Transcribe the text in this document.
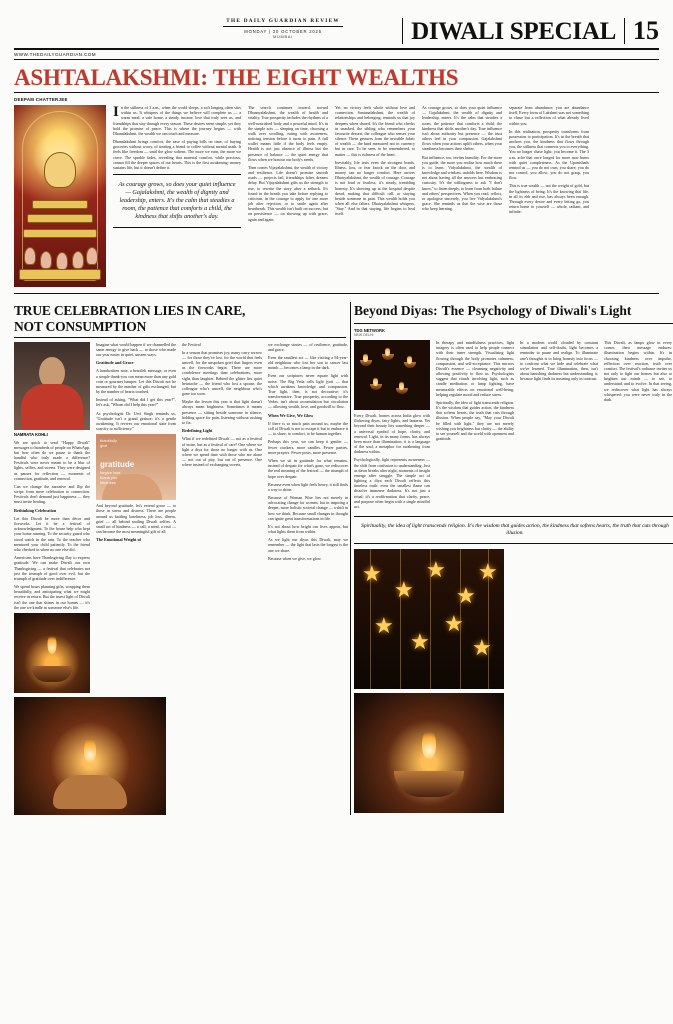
THE DAILY GUARDIAN REVIEW
MONDAY | 20 OCTOBER 2025
MUMBAI	DIWALI SPECIAL 15
WWW.THEDAILYGUARDIAN.COM
ASHTALAKSHMI: THE EIGHT WEALTHS
DEEPAM CHATTERJEE

In the stillness of 3 a.m., when the world sleeps, a soft longing often stirs within us. It whispers of the things we believe will complete us — a warm meal, a safe home, a steady income, love that truly sees us, and friendships that stay through every season. These desires seem simple, yet they hold the promise of peace. This is where the journey begins — with Dhanalakshmi, the wealth we can touch and measure.

Dhanalakshmi brings comfort, the ease of paying bills on time, of buying groceries without worry, of treating a friend to coffee without mental math. It feels like freedom — until the glow softens. The more we earn, the more we crave. The sparkle fades, revealing that material comfort, while precious, cannot fill the deeper spaces of our hearts. This is the first awakening: money sustains life, but it doesn't define it.

As courage grows, so does your quiet influence — Gajalakshmi, the wealth of dignity and leadership, enters. It's the calm that steadies a room, the patience that comforts a child, the kindness that shifts another's day.

The search continues inward, toward Dhaanyalakshmi, the wealth of health and vitality. True prosperity includes the rhythms of a well-nourished body and a peaceful mind. It's in the simple acts — sleeping on time, choosing a walk over scrolling, eating with awareness, noticing tension before it turns to pain. A full wallet means little if the body feels empty. Health is not just absence of illness but the presence of balance — the quiet energy that flows when we honour our body's needs.

Then comes Vijayalakshmi, the wealth of victory and resilience. Life doesn't promise smooth roads — projects fail, friendships falter, dreams delay. But Vijayalakshmi gifts us the strength to rise, to rewrite the story after a setback. It's found in the breath you take before replying to criticism, in the courage to apply for one more job after rejection, or to smile again after heartbreak. This wealth isn't built on success, but on persistence — on showing up with grace, again and again.

Yet, no victory feels whole without love and connection. Santanalakshmi, the wealth of relationships and belonging, reminds us that joy deepens when shared. It's the friend who checks in unasked, the sibling who remembers your favourite dessert, the colleague who senses your silence. These gestures form the invisible fabric of wealth — the kind measured not in currency but in care. To be seen, to be remembered, to matter — this is richness of the heart.

Inevitably, life tests even the strongest bonds. Illness, loss, or fear knock on the door, and money can no longer comfort. Here arrives Dhairyalakshmi, the wealth of courage. Courage is not loud or fearless; it's steady, trembling honesty. It's showing up at the hospital despite dread, making that difficult call, or staying beside someone in pain. This wealth holds you when all else falters. Dhairyalakshmi whispers, "Stay." And in that staying, life begins to heal itself.

As courage grows, so does your quiet influence — Gajalakshmi, the wealth of dignity and leadership, enters. It's the calm that steadies a room, the patience that comforts a child, the kindness that shifts another's day. True influence isn't about authority but presence — the trust others feel in your compassion. Gajalakshmi flows when your actions uplift others, when your steadiness becomes their shelter.

But influence, too, invites humility. For the more you guide, the more you realise how much there is to learn. Vidyalakshmi, the wealth of knowledge and wisdom, unfolds here. Wisdom is not about having all the answers but embracing curiosity. It's the willingness to ask "I don't know," to listen deeply, to learn from both failure and others' perspectives. When you read, reflect, or apologise sincerely, you live Vidyalakshmi's grace. She reminds us that the wise are those who keep learning.

separate from abundance; you are abundance itself. Every form of Lakshmi was not something to chase but a reflection of what already lived within you.

In this realisation, prosperity transforms from possession to participation. It's in the breath that anchors you, the kindness that flows through you, the stillness that connects you to everything. You no longer chase light; you become it. The 3 a.m. ache that once longed for more now hums with quiet completeness. As the Upanishads remind us — you do not own, you share; you do not control, you allow; you do not grasp, you flow.

This is true wealth — not the weight of gold, but the lightness of being. It's the knowing that life, in all its ebb and rise, has always been enough. Through every desire and every letting go, you return home to yourself — whole, radiant, and infinite.

TRUE CELEBRATION LIES IN CARE,
NOT CONSUMPTION
NAMRATA KOHLI

We are quick to send "Happy Diwali" messages to hundreds of people on WhatsApp, but how often do we pause to thank the handful who truly made a difference? Festivals were never meant to be a blur of lights, selfies, and sweets. They were designed as pauses for reflection — moments of connection, gratitude, and renewal.

Can we change the narrative and flip the script: from mere celebration to connection. Festivals don't demand just happiness — they must invite healing.

Rethinking Celebration

Let this Diwali be more than décor and fireworks. Let it be a festival of acknowledgment. To the house help who kept your home running. To the security guard who stood watch in the rain. To the teacher who mentored your child patiently. To the friend who checked in when no one else did.

Americans have Thanksgiving Day to express gratitude. We can make Diwali our own Thanksgiving — a festival that celebrates not just the triumph of good over evil, but the triumph of gratitude over indifference.

We spend hours planning gifts, wrapping them beautifully, and anticipating what we might receive in return. But the truest light of Diwali isn't the one that shines in our homes — it's the one we kindle in someone else's life.

Imagine what would happen if we channelled the same energy to give back — to those who made our year easier in quiet, unseen ways.

Gratitude and Grace

A handwritten note, a heartfelt message, or even a simple thank-you can mean more than any gold coin or gourmet hamper. Let this Diwali not be measured by the number of gifts exchanged, but by the number of hearts touched.

Instead of asking, "What did I get this year?", let's ask, "Whom did I help this year?"

As psychologist Dr. Urvi Singh reminds us, "Gratitude isn't a grand gesture; it's a gentle awakening. It revives our emotional state from scarcity to sufficiency."

thankfully
give

gratitude
forgive love
thank you
kindness

And beyond gratitude, let's extend grace — to those in stress and distress. There are people around us battling loneliness, job loss, illness, grief — all behind smiling Diwali selfies. A small act of kindness — a call, a meal, a visit — can become the most meaningful gift of all.

The Emotional Weight of

the Festival

In a season that promises joy, many carry sorrow — for those they've lost, for the world that feels unwell, for the unspoken grief that lingers even as the fireworks begin. There are more condolence meetings than celebrations, more sighs than laughter. Behind the glitter lies quiet heartache — the friend who lost a spouse, the colleague who's unwell, the neighbour who's gone too soon.

Maybe the lesson this year is that light doesn't always mean brightness. Sometimes it means presence — sitting beside someone in silence, holding space for pain, listening without rushing to fix.

Redefining Light

What if we redefined Diwali — not as a festival of noise, but as a festival of care? One where we light a diya for those no longer with us. One where we spend time with those who are alone — not out of pity, but out of presence. One where instead of exchanging sweets,

we exchange stories — of resilience, gratitude, and grace.

Even the smallest act — like visiting a 94-year-old neighbour who lost her son to cancer last month — becomes a lamp in the dark.

Even our scriptures never equate light with noise. The Rig Veda calls light jyoti — that which awakens knowledge and compassion. True light, then, is not decorative; it's transformative. True prosperity, according to the Vedas, isn't about accumulation but circulation — allowing wealth, love, and goodwill to flow.

When We Give, We Glow

If there is so much pain around us, maybe the call of Diwali is not to escape it but to embrace it — to share, to comfort, to be human together.

Perhaps this year, we can keep it gentler — fewer crackers, more candles. Fewer parties, more prayers. Fewer posts, more presence.

When we sit in gratitude for what remains, instead of despair for what's gone, we rediscover the real meaning of the festival — the triumph of hope over despair.

Because even when light feels heavy, it still finds a way to shine.

Because of Woman Wise lies not merely in advocating change for women, but in inspiring a deeper, more holistic societal change — a shift in how we think. Because small changes in thought can ignite great transformations in life.

It's not about how bright our lives appear, but what lights them from within.

As we light our diyas this Diwali, may we remember — the light that lasts the longest is the one we share.

Because when we give, we glow.

Beyond Diyas: The Psychology of Diwali's Light
TDG NETWORK
NEW DELHI

Every Diwali, homes across India glow with flickering diyas, fairy lights, and lanterns. Yet beyond their beauty lies something deeper — a universal symbol of hope, clarity, and renewal. Light, in its many forms, has always been more than illumination; it is a language of the soul, a metaphor for awakening from darkness within.

Psychologically, light represents awareness — the shift from confusion to understanding. Just as dawn breaks after night, moments of insight emerge after struggle. The simple act of lighting a diya each Diwali reflects this timeless truth: even the smallest flame can dissolve immense darkness. It's not just a ritual; it's a reaffirmation that clarity, peace, and purpose often begin with a single mindful act.

In therapy and mindfulness practices, light imagery is often used to help people connect with their inner strength. Visualising light flowing through the body promotes calmness, compassion, and self-acceptance. This mirrors Diwali's essence — cleansing negativity and allowing positivity to flow in. Psychologists suggest that rituals involving light, such as candle meditation or lamp lighting, have measurable effects on emotional well-being, helping regulate mood and reduce stress.

Spiritually, the idea of light transcends religion. It's the wisdom that guides action, the kindness that softens hearts, the truth that cuts through illusion. When people say, "May your Diwali be filled with light," they are not merely wishing you brightness but clarity — the ability to see yourself and the world with openness and gratitude.

In a modern world clouded by constant stimulation and self-doubt, light becomes a reminder to pause and realign. To illuminate one's thoughts is to bring honesty into focus — to confront what we hide and celebrate what we've learned. True illumination, then, isn't about banishing darkness but understanding it; because light finds its meaning only in contrast.

This Diwali, as lamps glow in every corner, their message endures: illumination begins within. It's in choosing kindness over impulse, reflection over reaction, truth over comfort. The festival's radiance invites us not only to light our homes but also to brighten our minds — to see, to understand, and to evolve. In that seeing, we rediscover what light has always whispered: you were never truly in the dark.

Spirituality, the idea of light transcends religion. It's the wisdom that guides action, the kindness that softens hearts, the truth that cuts through illusion.
★
★
★
★
★
★
★
★
★
